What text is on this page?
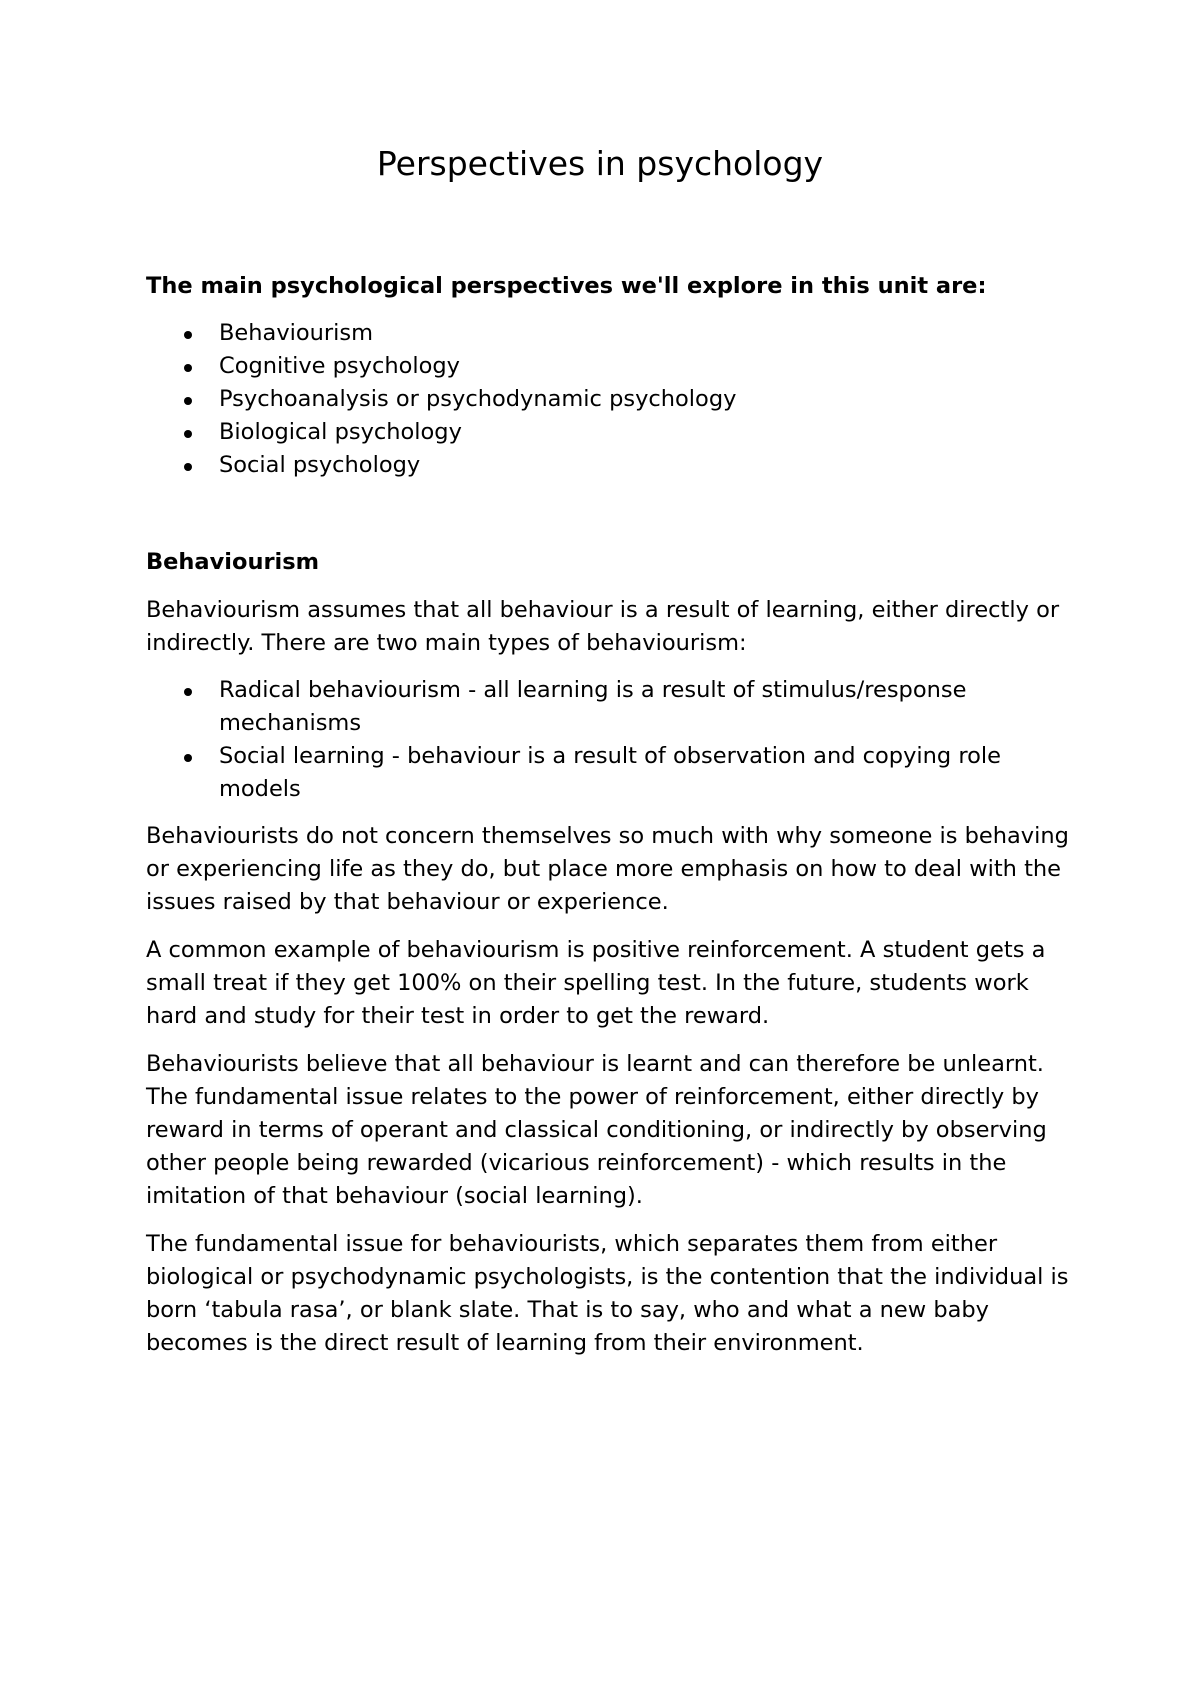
Perspectives in psychology

The main psychological perspectives we'll explore in this unit are:

Behaviourism
Cognitive psychology
Psychoanalysis or psychodynamic psychology
Biological psychology
Social psychology

Behaviourism

Behaviourism assumes that all behaviour is a result of learning, either directly or indirectly. There are two main types of behaviourism:

Radical behaviourism - all learning is a result of stimulus/response mechanisms
Social learning - behaviour is a result of observation and copying role models

Behaviourists do not concern themselves so much with why someone is behaving or experiencing life as they do, but place more emphasis on how to deal with the issues raised by that behaviour or experience.

A common example of behaviourism is positive reinforcement. A student gets a small treat if they get 100% on their spelling test. In the future, students work hard and study for their test in order to get the reward.

Behaviourists believe that all behaviour is learnt and can therefore be unlearnt. The fundamental issue relates to the power of reinforcement, either directly by reward in terms of operant and classical conditioning, or indirectly by observing other people being rewarded (vicarious reinforcement) - which results in the imitation of that behaviour (social learning).

The fundamental issue for behaviourists, which separates them from either biological or psychodynamic psychologists, is the contention that the individual is born ‘tabula rasa’, or blank slate. That is to say, who and what a new baby becomes is the direct result of learning from their environment.
